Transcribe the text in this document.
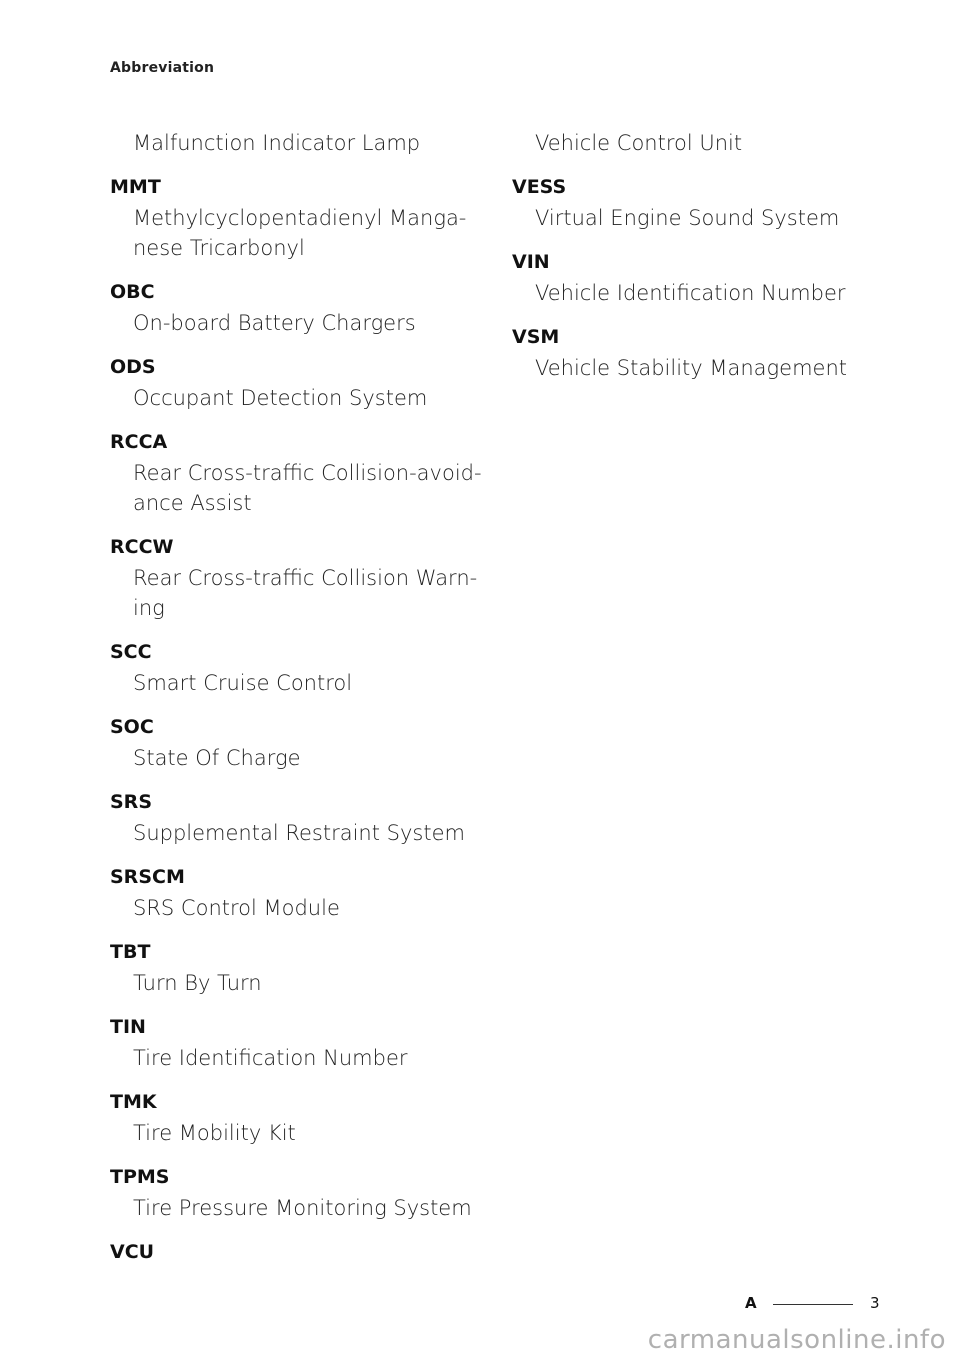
Abbreviation
Malfunction Indicator Lamp
MMT
Methylcyclopentadienyl Manga-
nese Tricarbonyl
OBC
On-board Battery Chargers
ODS
Occupant Detection System
RCCA
Rear Cross-traffic Collision-avoid-
ance Assist
RCCW
Rear Cross-traffic Collision Warn-
ing
SCC
Smart Cruise Control
SOC
State Of Charge
SRS
Supplemental Restraint System
SRSCM
SRS Control Module
TBT
Turn By Turn
TIN
Tire Identification Number
TMK
Tire Mobility Kit
TPMS
Tire Pressure Monitoring System
VCU
Vehicle Control Unit
VESS
Virtual Engine Sound System
VIN
Vehicle Identification Number
VSM
Vehicle Stability Management
A	3
carmanualsonline.info
